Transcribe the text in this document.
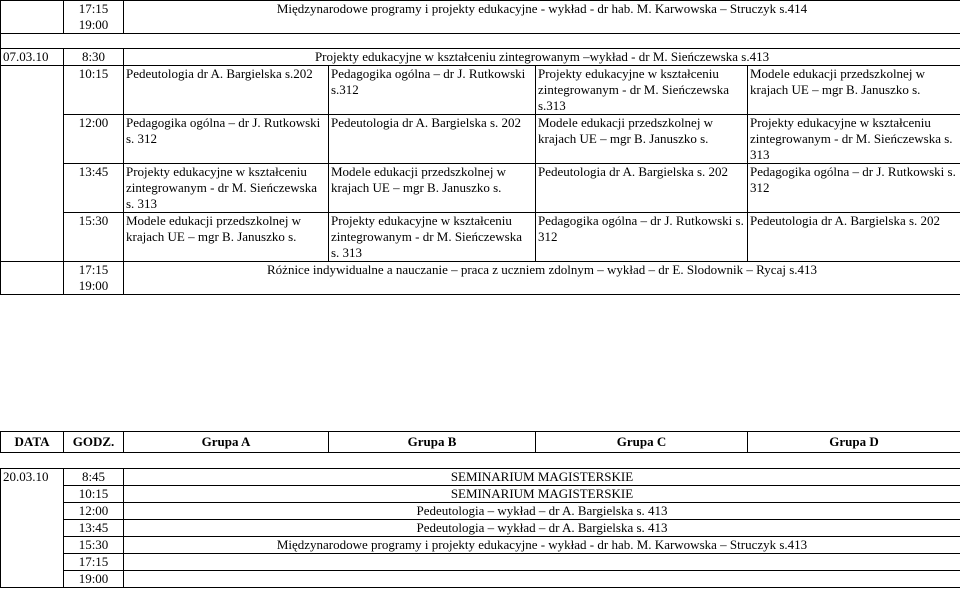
	17:15
19:00	Międzynarodowe programy i projekty edukacyjne - wykład - dr hab. M. Karwowska – Struczyk s.414			

07.03.10	8:30	Projekty edukacyjne w kształceniu zintegrowanym –wykład - dr M. Sieńczewska s.413			
	10:15	Pedeutologia dr A. Bargielska s.202	Pedagogika ogólna – dr J. Rutkowski s.312	Projekty edukacyjne w kształceniu zintegrowanym - dr M. Sieńczewska s.313	Modele edukacji przedszkolnej w krajach UE – mgr B. Januszko s.
	12:00	Pedagogika ogólna – dr J. Rutkowski s. 312	Pedeutologia dr A. Bargielska s. 202	Modele edukacji przedszkolnej w krajach UE – mgr B. Januszko s.	Projekty edukacyjne w kształceniu zintegrowanym - dr M. Sieńczewska s. 313
	13:45	Projekty edukacyjne w kształceniu zintegrowanym - dr M. Sieńczewska s. 313	Modele edukacji przedszkolnej w krajach UE – mgr B. Januszko s.	Pedeutologia dr A. Bargielska s. 202	Pedagogika ogólna – dr J. Rutkowski s. 312
	15:30	Modele edukacji przedszkolnej w krajach UE – mgr B. Januszko s.	Projekty edukacyjne w kształceniu zintegrowanym - dr M. Sieńczewska s. 313	Pedagogika ogólna – dr J. Rutkowski s. 312	Pedeutologia dr A. Bargielska s. 202
	17:15
19:00	Różnice indywidualne a nauczanie – praca z uczniem zdolnym – wykład – dr E. Slodownik – Rycaj s.413			
DATA	GODZ.	Grupa A	Grupa B	Grupa C	Grupa D
20.03.10	8:45	SEMINARIUM MAGISTERSKIE
	10:15	SEMINARIUM MAGISTERSKIE
	12:00	Pedeutologia – wykład – dr A. Bargielska s. 413
	13:45	Pedeutologia – wykład – dr A. Bargielska s. 413
	15:30	Międzynarodowe programy i projekty edukacyjne - wykład - dr hab. M. Karwowska – Struczyk s.413
	17:15	
	19:00	
